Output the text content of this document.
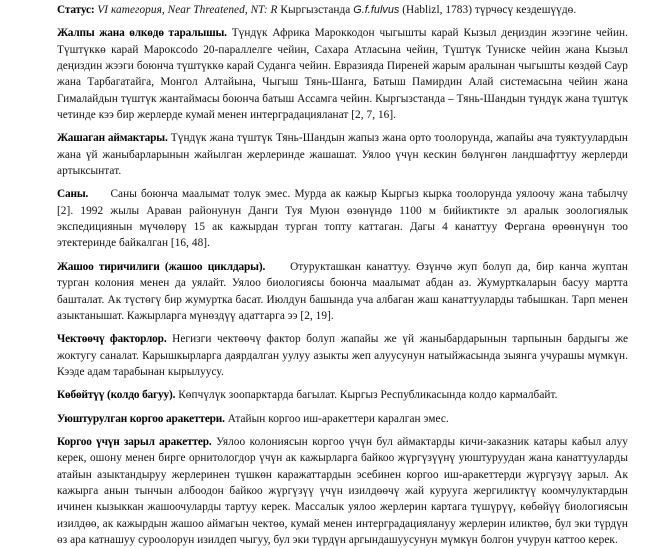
Статус: VI категория, Near Threatened, NT: R Кыргызстанда G.f.fulvus (Hablizl, 1783) түрчөсү кездешүүдө.

Жалпы жана өлкөдө таралышы. Түндүк Африка Мароккодон чыгышты карай Кызыл деңиздин жээгине чейин. Түштүккө карай Марокcodo 20-параллелге чейин, Сахара Атласына чейин, Түштүк Туниске чейин жана Кызыл деңиздин жээги боюнча түштүккө карай Суданга чейин. Евразияда Пиреней жарым аралынан чыгышты көздөй Саур жана Тарбагатайга, Монгол Алтайына, Чыгыш Тянь-Шанга, Батыш Памирдин Алай системасына чейин жана Гималайдын түштүк жантаймасы боюнча батыш Ассамга чейин. Кыргызстанда – Тянь-Шандын түндүк жана түштүк четинде кээ бир жерлерде кумай менен интерградацияланат [2, 7, 16].

Жашаган аймактары. Түндүк жана түштүк Тянь-Шандын жапыз жана орто тоолорунда, жапайы ача туяктуулардын жана үй жаныбарларынын жайылган жерлеринде жашашат. Уялоо үчүн кескин бөлүнгөн ландшафттуу жерлерди артыксынтат.

Саны. Саны боюнча маалымат толук эмес. Мурда ак кажыр Кыргыз кырка тоолорунда уялоочу жана табылчу [2]. 1992 жылы Араван районунун Данги Туя Муюн өзөнүндө 1100 м бийиктикте эл аралык зоологиялык экспедициянын мүчөлөрү 15 ак кажырдан турган топту каттаган. Дагы 4 канаттуу Фергана өрөөнүнүн тоо этектеринде байкалган [16, 48].

Жашоо тиричилиги (жашоо циклдары). Отурукташкан канаттуу. Өзүнчө жуп болуп да, бир канча жуптан турган колония менен да уялайт. Уялоо биологиясы боюнча маалымат абдан аз. Жумурткаларын басуу мартта башталат. Ак түстөгү бир жумуртка басат. Июлдун башында уча албаган жаш канаттууларды табышкан. Тарп менен азыктанышат. Кажырларга мүнөздүү адаттарга ээ [2, 19].

Чектөөчү факторлор. Негизги чектөөчү фактор болуп жапайы же үй жаныбардарынын тарпынын бардыгы же жоктугу саналат. Карышкырларга даярдалган уулуу азыкты жеп алуусунун натыйжасында зыянга учурашы мүмкүн. Кээде адам тарабынан кырылуусу.

Көбөйтүү (колдо багуу). Көпчүлүк зоопарктарда багылат. Кыргыз Республикасында колдо кармалбайт.

Уюштурулган коргоо аракеттери. Атайын коргоо иш-аракеттери каралган эмес.

Коргоо үчүн зарыл аракеттер. Уялоо колониясын коргоо үчүн бул аймактарды кичи-заказник катары кабыл алуу керек, ошону менен бирге орнитологдор үчүн ак кажырларга байкоо жүргүзүүнү уюштуруудан жана канаттууларды атайын азыктандыруу жерлеринен түшкөн каражаттардын эсебинен коргоо иш-аракеттерди жүргүзүү зарыл. Ак кажырга анын тынчын албоодон байкоо жүргүзүү үчүн изилдөөчү жай курууга жергиликтүү коомчулуктардын ичинен кызыккан жашоочуларды тартуу керек. Массалык уялоо жерлерин картага түшүрүү, көбөйүү биологиясын изилдөө, ак кажырдын жашоо аймагын чектөө, кумай менен интерградациялануу жерлерин иликтөө, бул эки түрдүн өз ара катнашуу суроолорун изилдеп чыгуу, бул эки түрдүн аргындашуусунун мүмкүн болгон учурун каттоо керек.
